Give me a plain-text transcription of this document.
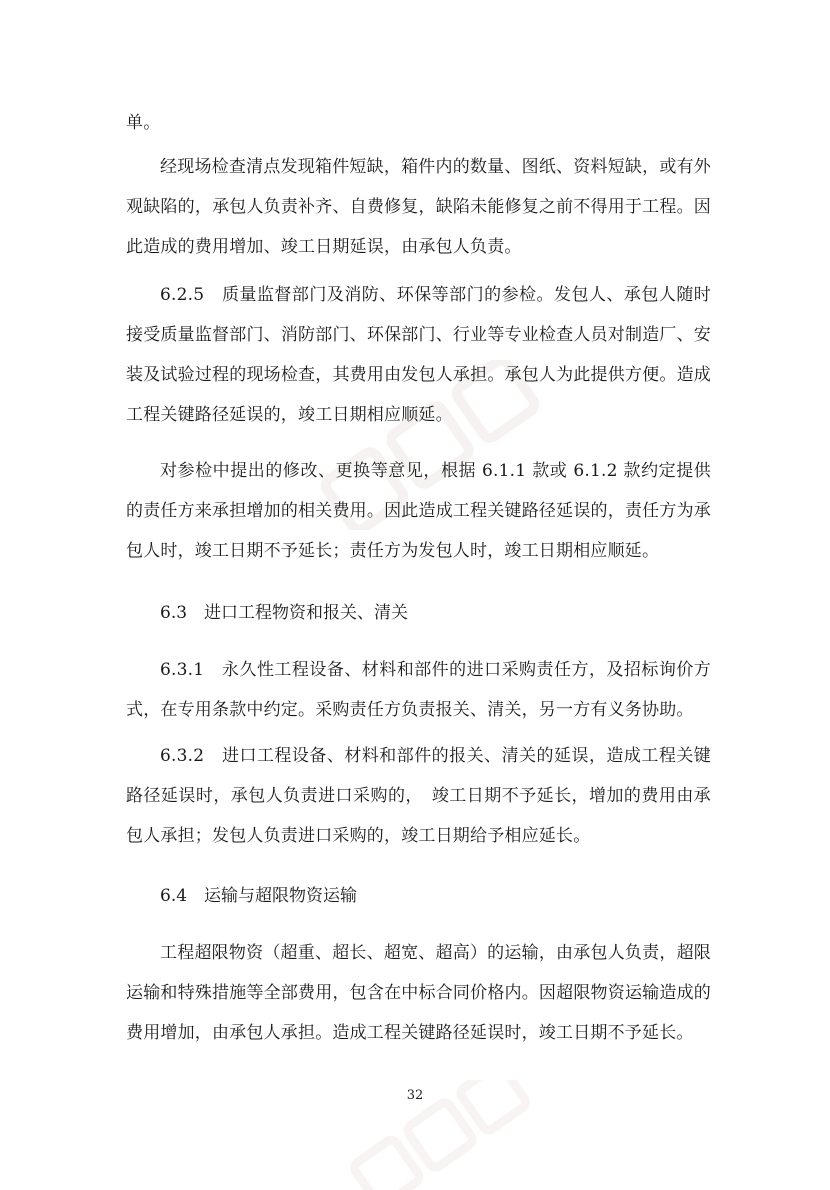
单。

经现场检查清点发现箱件短缺，箱件内的数量、图纸、资料短缺，或有外观缺陷的，承包人负责补齐、自费修复，缺陷未能修复之前不得用于工程。因此造成的费用增加、竣工日期延误，由承包人负责。

6.2.5　质量监督部门及消防、环保等部门的参检。发包人、承包人随时接受质量监督部门、消防部门、环保部门、行业等专业检查人员对制造厂、安装及试验过程的现场检查，其费用由发包人承担。承包人为此提供方便。造成工程关键路径延误的，竣工日期相应顺延。

对参检中提出的修改、更换等意见，根据 6.1.1 款或 6.1.2 款约定提供的责任方来承担增加的相关费用。因此造成工程关键路径延误的，责任方为承包人时，竣工日期不予延长；责任方为发包人时，竣工日期相应顺延。

6.3　进口工程物资和报关、清关

6.3.1　永久性工程设备、材料和部件的进口采购责任方，及招标询价方式，在专用条款中约定。采购责任方负责报关、清关，另一方有义务协助。

6.3.2　进口工程设备、材料和部件的报关、清关的延误，造成工程关键路径延误时，承包人负责进口采购的，　竣工日期不予延长，增加的费用由承包人承担；发包人负责进口采购的，竣工日期给予相应延长。

6.4　运输与超限物资运输

工程超限物资（超重、超长、超宽、超高）的运输，由承包人负责，超限运输和特殊措施等全部费用，包含在中标合同价格内。因超限物资运输造成的费用增加，由承包人承担。造成工程关键路径延误时，竣工日期不予延长。

32
